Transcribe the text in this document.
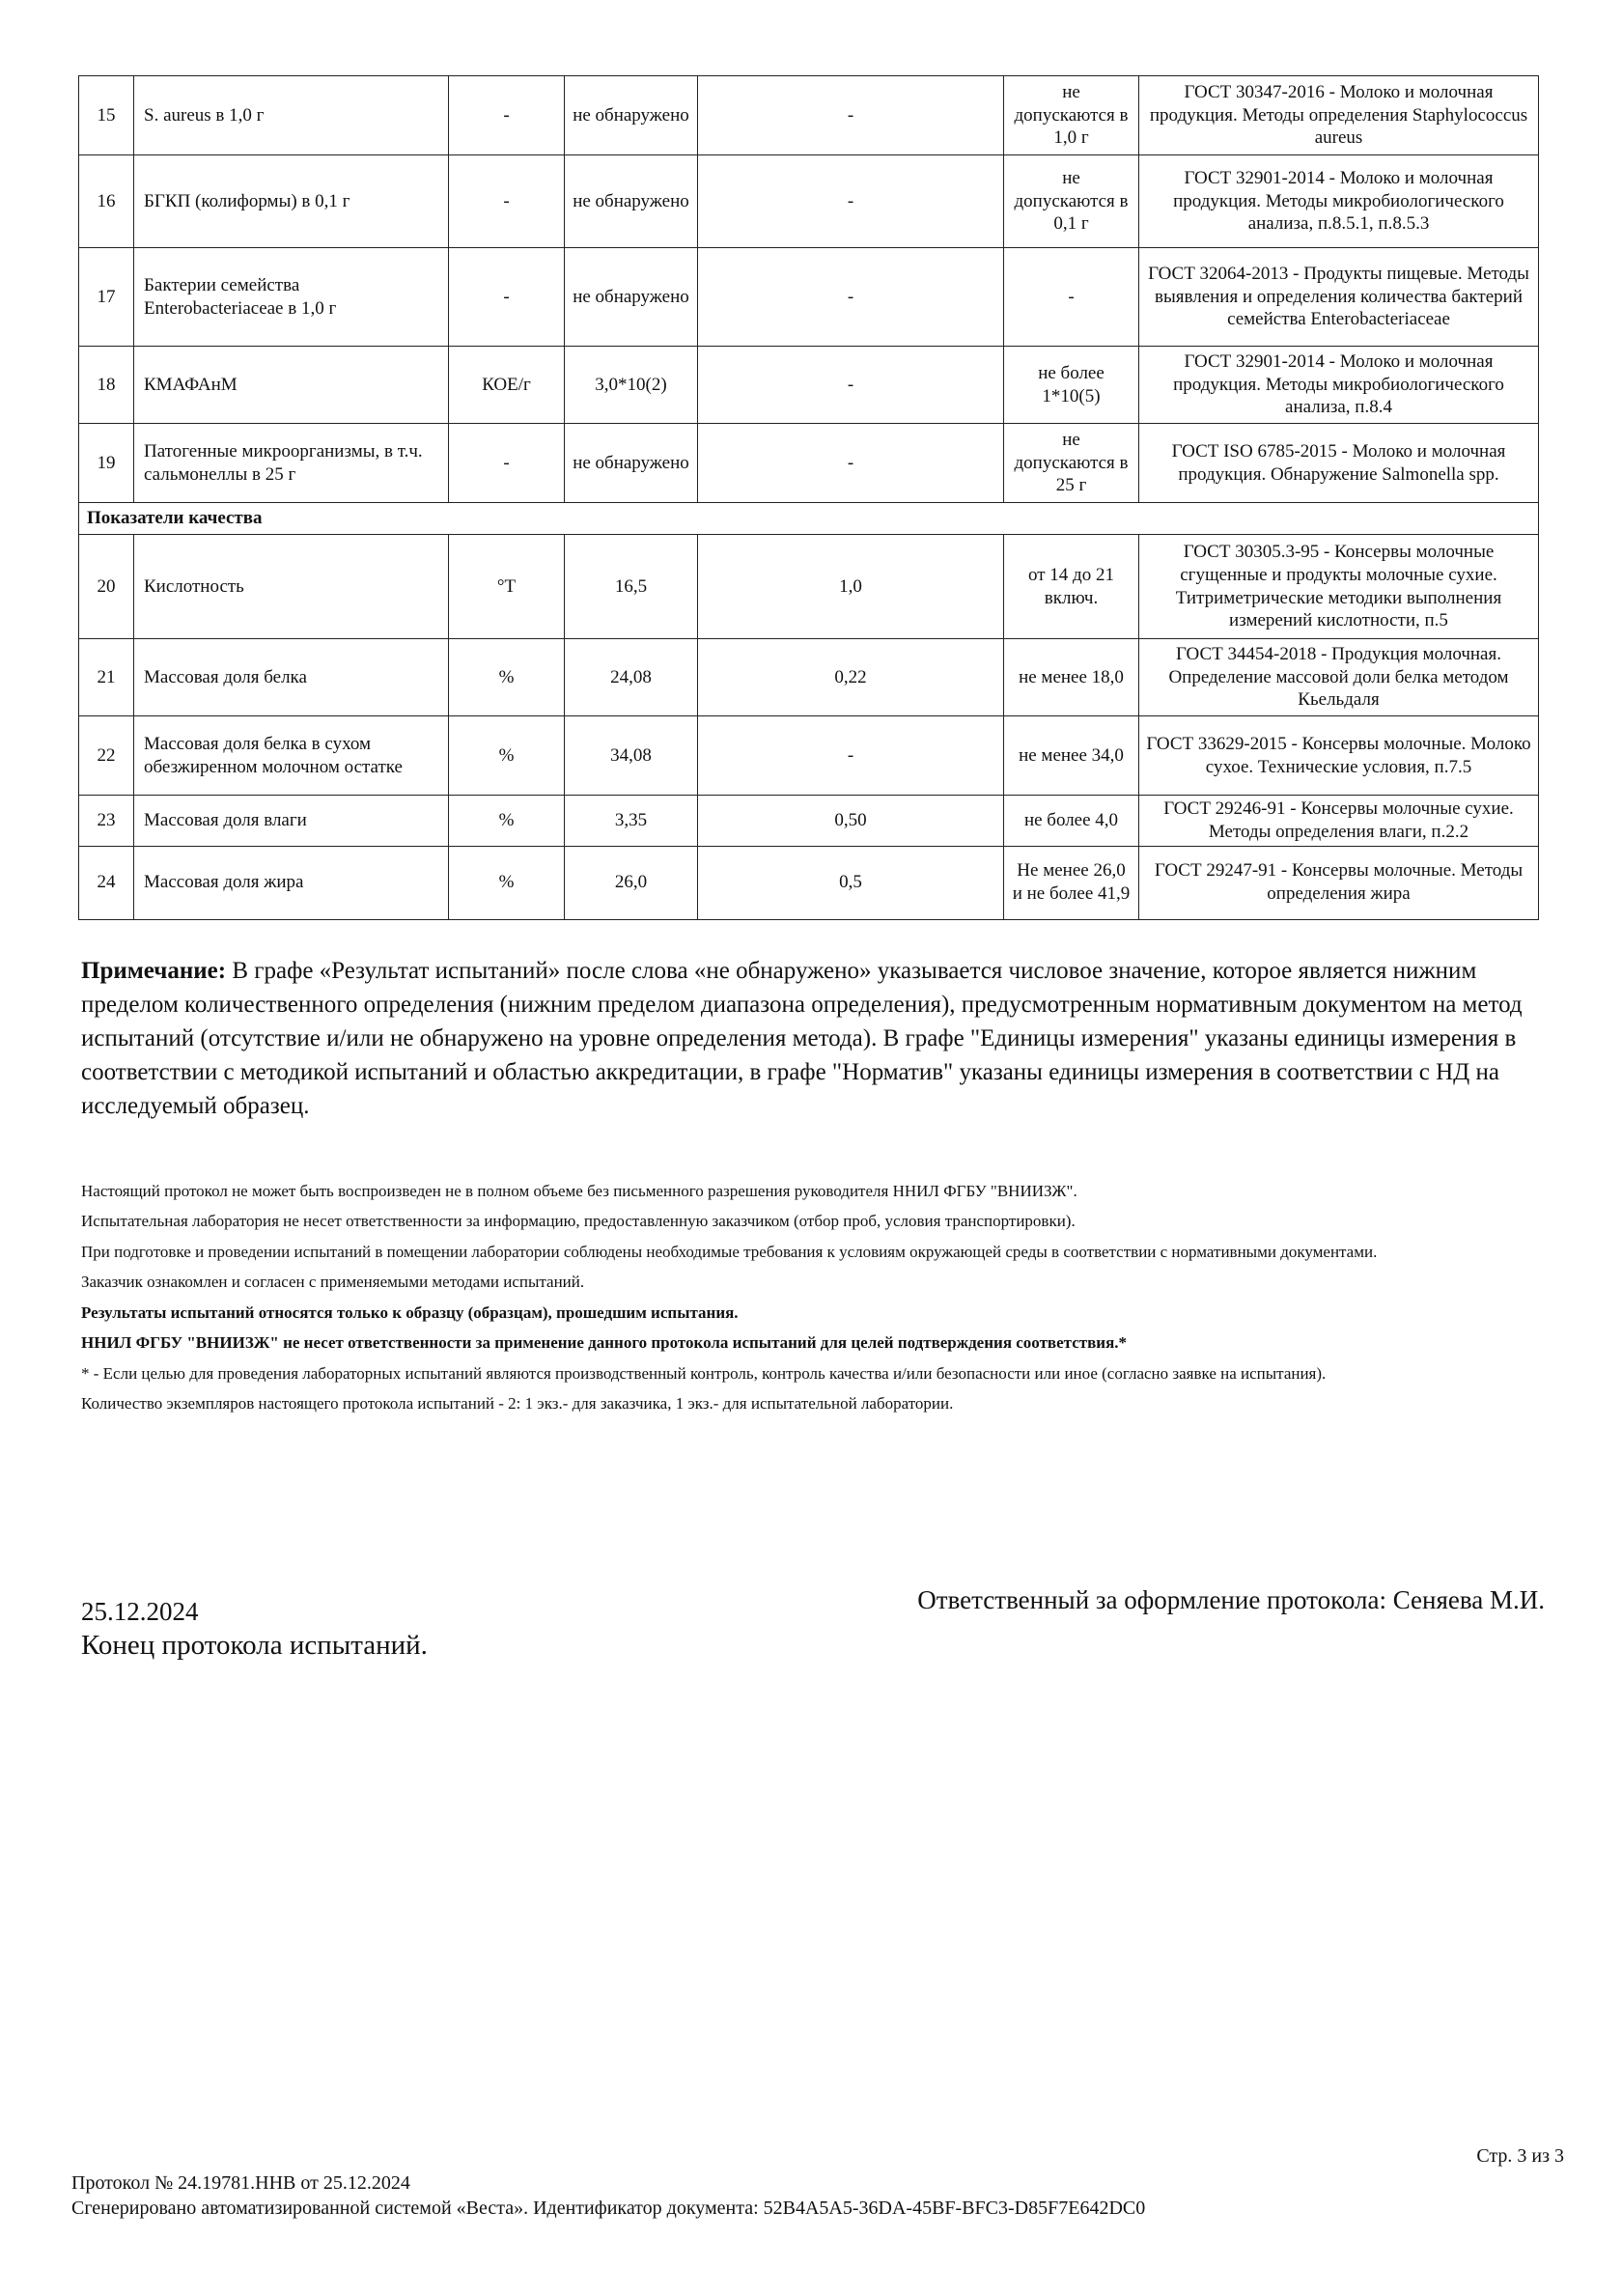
15	S. aureus в 1,0 г	-	не обнаружено	-	не допускаются в 1,0 г	ГОСТ 30347-2016 - Молоко и молочная продукция. Методы определения Staphylococcus aureus
16	БГКП (колиформы) в 0,1 г	-	не обнаружено	-	не допускаются в 0,1 г	ГОСТ 32901-2014 - Молоко и молочная продукция. Методы микробиологического анализа, п.8.5.1, п.8.5.3
17	Бактерии семейства Enterobacteriaceae в 1,0 г	-	не обнаружено	-	-	ГОСТ 32064-2013 - Продукты пищевые. Методы выявления и определения количества бактерий семейства Enterobacteriaceae
18	КМАФАнМ	КОЕ/г	3,0*10(2)	-	не более 1*10(5)	ГОСТ 32901-2014 - Молоко и молочная продукция. Методы микробиологического анализа, п.8.4
19	Патогенные микроорганизмы, в т.ч. сальмонеллы в 25 г	-	не обнаружено	-	не допускаются в 25 г	ГОСТ ISO 6785-2015 - Молоко и молочная продукция. Обнаружение Salmonella spp.
Показатели качества						
20	Кислотность	°Т	16,5	1,0	от 14 до 21 включ.	ГОСТ 30305.3-95 - Консервы молочные сгущенные и продукты молочные сухие. Титриметрические методики выполнения измерений кислотности, п.5
21	Массовая доля белка	%	24,08	0,22	не менее 18,0	ГОСТ 34454-2018 - Продукция молочная. Определение массовой доли белка методом Кьельдаля
22	Массовая доля белка в сухом обезжиренном молочном остатке	%	34,08	-	не менее 34,0	ГОСТ 33629-2015 - Консервы молочные. Молоко сухое. Технические условия, п.7.5
23	Массовая доля влаги	%	3,35	0,50	не более 4,0	ГОСТ 29246-91 - Консервы молочные сухие. Методы определения влаги, п.2.2
24	Массовая доля жира	%	26,0	0,5	Не менее 26,0 и не более 41,9	ГОСТ 29247-91 - Консервы молочные. Методы определения жира
Примечание: В графе «Результат испытаний» после слова «не обнаружено» указывается числовое значение, которое является нижним пределом количественного определения (нижним пределом диапазона определения), предусмотренным нормативным документом на метод испытаний (отсутствие и/или не обнаружено на уровне определения метода). В графе "Единицы измерения" указаны единицы измерения в соответствии с методикой испытаний и областью аккредитации, в графе "Норматив" указаны единицы измерения в соответствии с НД на исследуемый образец.
Настоящий протокол не может быть воспроизведен не в полном объеме без письменного разрешения руководителя ННИЛ ФГБУ "ВНИИЗЖ".
Испытательная лаборатория не несет ответственности за информацию, предоставленную заказчиком (отбор проб, условия транспортировки).
При подготовке и проведении испытаний в помещении лаборатории соблюдены необходимые требования к условиям окружающей среды в соответствии с нормативными документами.
Заказчик ознакомлен и согласен с применяемыми методами испытаний.
Результаты испытаний относятся только к образцу (образцам), прошедшим испытания.
ННИЛ ФГБУ "ВНИИЗЖ" не несет ответственности за применение данного протокола испытаний для целей подтверждения соответствия.*
* - Если целью для проведения лабораторных испытаний являются производственный контроль, контроль качества и/или безопасности или иное (согласно заявке на испытания).
Количество экземпляров настоящего протокола испытаний - 2: 1 экз.- для заказчика, 1 экз.- для испытательной лаборатории.
25.12.2024	Ответственный за оформление протокола: Сеняева М.И.
Конец протокола испытаний.
Стр. 3 из 3
Протокол № 24.19781.ННВ от 25.12.2024
Сгенерировано автоматизированной системой «Веста». Идентификатор документа: 52B4A5A5-36DA-45BF-BFC3-D85F7E642DC0
